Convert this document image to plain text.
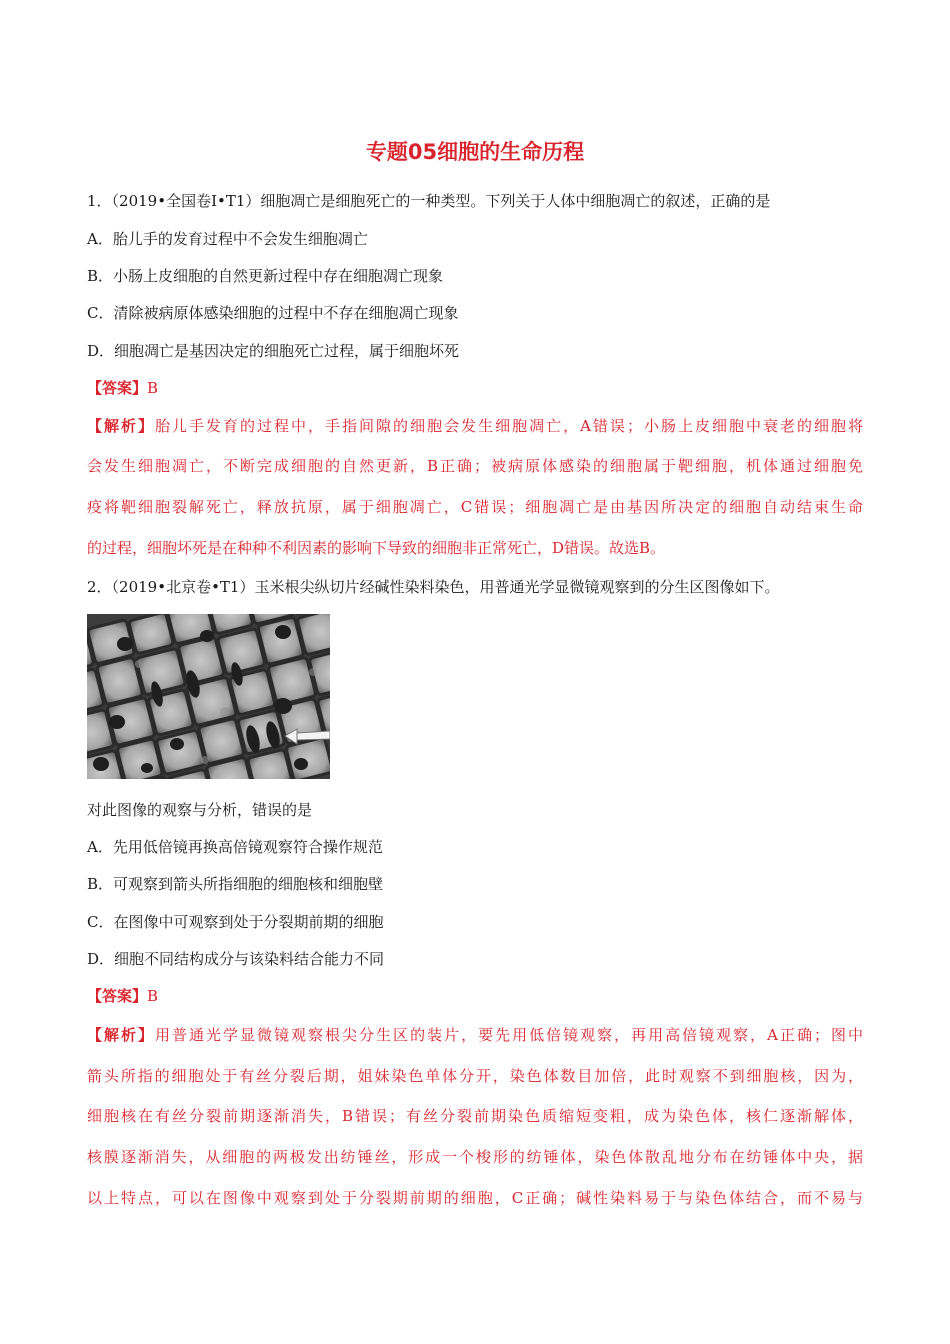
专题05细胞的生命历程
1．（2019•全国卷Ⅰ•T1）细胞凋亡是细胞死亡的一种类型。下列关于人体中细胞凋亡的叙述，正确的是
A．胎儿手的发育过程中不会发生细胞凋亡
B．小肠上皮细胞的自然更新过程中存在细胞凋亡现象
C．清除被病原体感染细胞的过程中不存在细胞凋亡现象
D．细胞凋亡是基因决定的细胞死亡过程，属于细胞坏死
【答案】B
【解析】胎儿手发育的过程中，手指间隙的细胞会发生细胞凋亡，A错误；小肠上皮细胞中衰老的细胞将
会发生细胞凋亡，不断完成细胞的自然更新，B正确；被病原体感染的细胞属于靶细胞，机体通过细胞免
疫将靶细胞裂解死亡，释放抗原，属于细胞凋亡，C错误；细胞凋亡是由基因所决定的细胞自动结束生命
的过程，细胞坏死是在种种不利因素的影响下导致的细胞非正常死亡，D错误。故选B。
2．（2019•北京卷•T1）玉米根尖纵切片经碱性染料染色，用普通光学显微镜观察到的分生区图像如下。
对此图像的观察与分析，错误的是
A．先用低倍镜再换高倍镜观察符合操作规范
B．可观察到箭头所指细胞的细胞核和细胞壁
C．在图像中可观察到处于分裂期前期的细胞
D．细胞不同结构成分与该染料结合能力不同
【答案】B
【解析】用普通光学显微镜观察根尖分生区的装片，要先用低倍镜观察，再用高倍镜观察，A正确；图中
箭头所指的细胞处于有丝分裂后期，姐妹染色单体分开，染色体数目加倍，此时观察不到细胞核，因为，
细胞核在有丝分裂前期逐渐消失，B错误；有丝分裂前期染色质缩短变粗，成为染色体，核仁逐渐解体，
核膜逐渐消失，从细胞的两极发出纺锤丝，形成一个梭形的纺锤体，染色体散乱地分布在纺锤体中央，据
以上特点，可以在图像中观察到处于分裂期前期的细胞，C正确；碱性染料易于与染色体结合，而不易与
